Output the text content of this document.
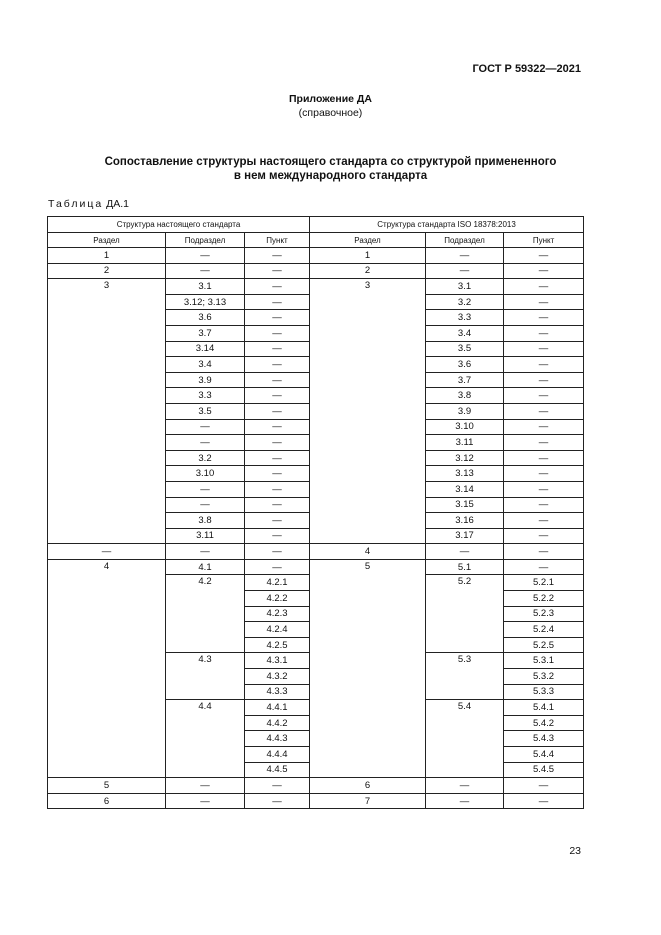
ГОСТ Р 59322—2021
Приложение ДА
(справочное)
Сопоставление структуры настоящего стандарта со структурой примененного
в нем международного стандарта
Таблица ДА.1
Структура настоящего стандарта			Структура стандарта ISO 18378:2013		
Раздел	Подраздел	Пункт	Раздел	Подраздел	Пункт
1	—	—	1	—	—
2	—	—	2	—	—
3	3.1	—	3	3.1	—
	3.12; 3.13	—		3.2	—
	3.6	—		3.3	—
	3.7	—		3.4	—
	3.14	—		3.5	—
	3.4	—		3.6	—
	3.9	—		3.7	—
	3.3	—		3.8	—
	3.5	—		3.9	—
	—	—		3.10	—
	—	—		3.11	—
	3.2	—		3.12	—
	3.10	—		3.13	—
	—	—		3.14	—
	—	—		3.15	—
	3.8	—		3.16	—
	3.11	—		3.17	—
—	—	—	4	—	—
4	4.1	—	5	5.1	—
	4.2	4.2.1		5.2	5.2.1
		4.2.2			5.2.2
		4.2.3			5.2.3
		4.2.4			5.2.4
		4.2.5			5.2.5
	4.3	4.3.1		5.3	5.3.1
		4.3.2			5.3.2
		4.3.3			5.3.3
	4.4	4.4.1		5.4	5.4.1
		4.4.2			5.4.2
		4.4.3			5.4.3
		4.4.4			5.4.4
		4.4.5			5.4.5
5	—	—	6	—	—
6	—	—	7	—	—
23
